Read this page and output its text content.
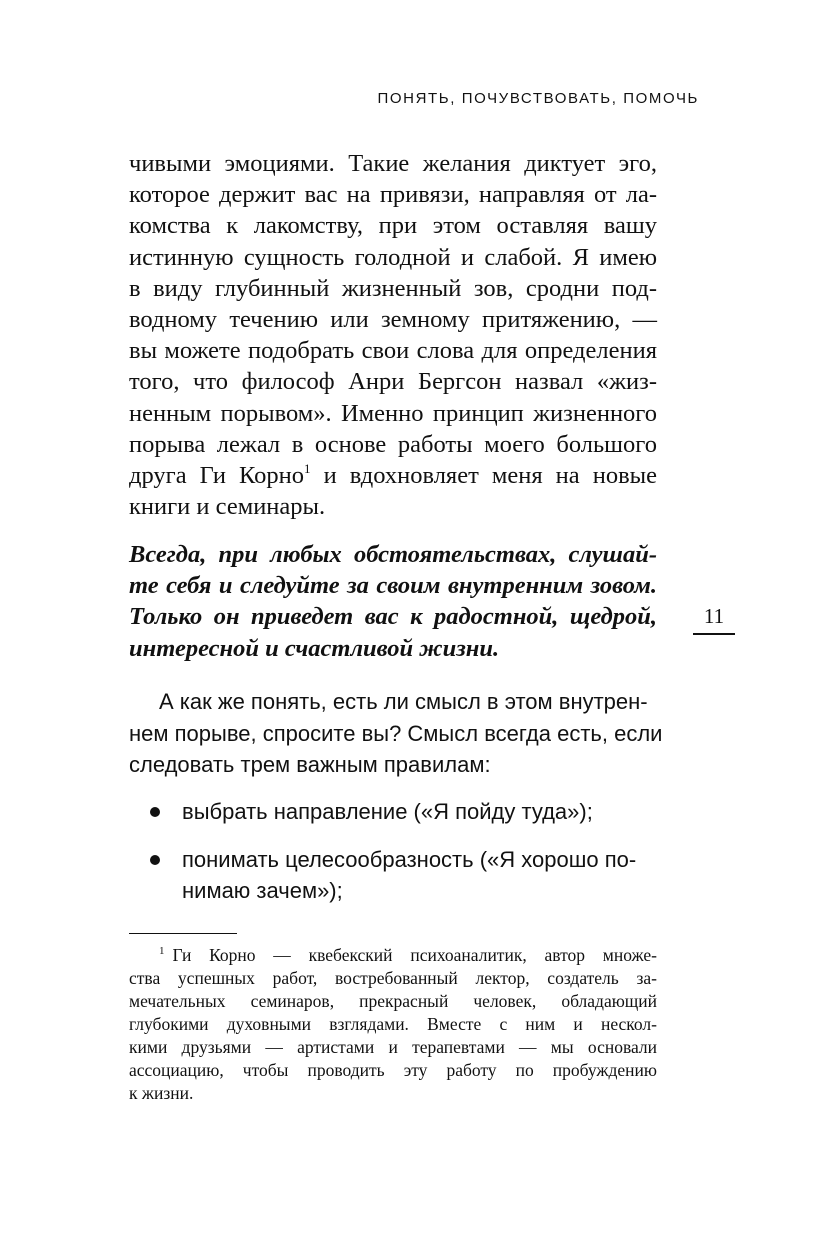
ПОНЯТЬ, ПОЧУВСТВОВАТЬ, ПОМОЧЬ

чивыми эмоциями. Такие желания диктует эго,
которое держит вас на привязи, направляя от ла-
комства к лакомству, при этом оставляя вашу
истинную сущность голодной и слабой. Я имею
в виду глубинный жизненный зов, сродни под-
водному течению или земному притяжению, —
вы можете подобрать свои слова для определения
того, что философ Анри Бергсон назвал «жиз-
ненным порывом». Именно принцип жизненного
порыва лежал в основе работы моего большого
друга Ги Корно$^1$ и вдохновляет меня на новые
книги и семинары.

Всегда, при любых обстоятельствах, слушай-
те себя и следуйте за своим внутренним зовом.
Только он приведет вас к радостной, щедрой,
интересной и счастливой жизни.

11

А как же понять, есть ли смысл в этом внутрен-
нем порыве, спросите вы? Смысл всегда есть, если
следовать трем важным правилам:

выбрать направление («Я пойду туда»);
понимать целесообразность («Я хорошо по-
нимаю зачем»);

$^1$ Ги Корно — квебекский психоаналитик, автор множе-
ства успешных работ, востребованный лектор, создатель за-
мечательных семинаров, прекрасный человек, обладающий
глубокими духовными взглядами. Вместе с ним и нескол-
кими друзьями — артистами и терапевтами — мы основали
ассоциацию, чтобы проводить эту работу по пробуждению
к жизни.
